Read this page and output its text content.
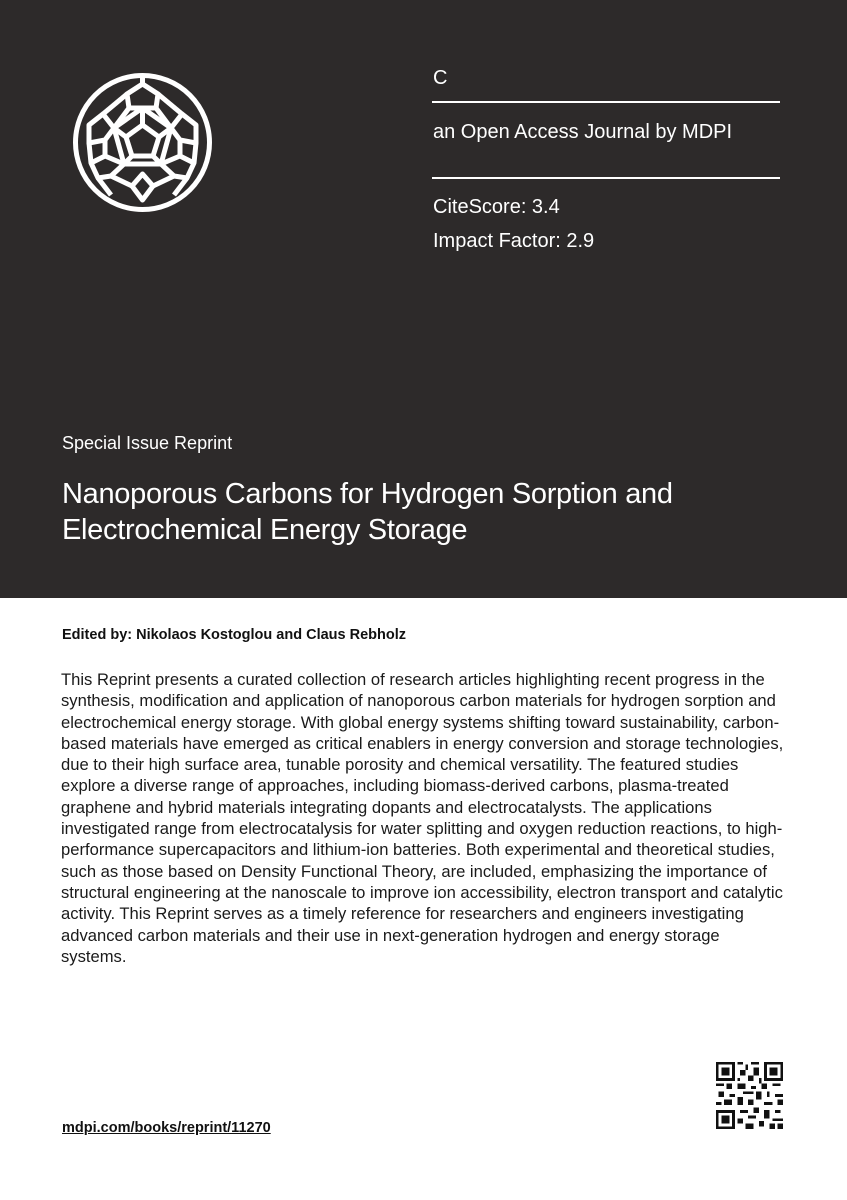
C

an Open Access Journal by MDPI

CiteScore: 3.4

Impact Factor: 2.9

Special Issue Reprint

Nanoporous Carbons for Hydrogen Sorption and Electrochemical Energy Storage

Edited by: Nikolaos Kostoglou and Claus Rebholz

This Reprint presents a curated collection of research articles highlighting recent progress in the synthesis, modification and application of nanoporous carbon materials for hydrogen sorption and electrochemical energy storage. With global energy systems shifting toward sustainability, carbon-based materials have emerged as critical enablers in energy conversion and storage technologies, due to their high surface area, tunable porosity and chemical versatility. The featured studies explore a diverse range of approaches, including biomass-derived carbons, plasma-treated graphene and hybrid materials integrating dopants and electrocatalysts. The applications investigated range from electrocatalysis for water splitting and oxygen reduction reactions, to high-performance supercapacitors and lithium-ion batteries. Both experimental and theoretical studies, such as those based on Density Functional Theory, are included, emphasizing the importance of structural engineering at the nanoscale to improve ion accessibility, electron transport and catalytic activity. This Reprint serves as a timely reference for researchers and engineers investigating advanced carbon materials and their use in next-generation hydrogen and energy storage systems.

mdpi.com/books/reprint/11270
